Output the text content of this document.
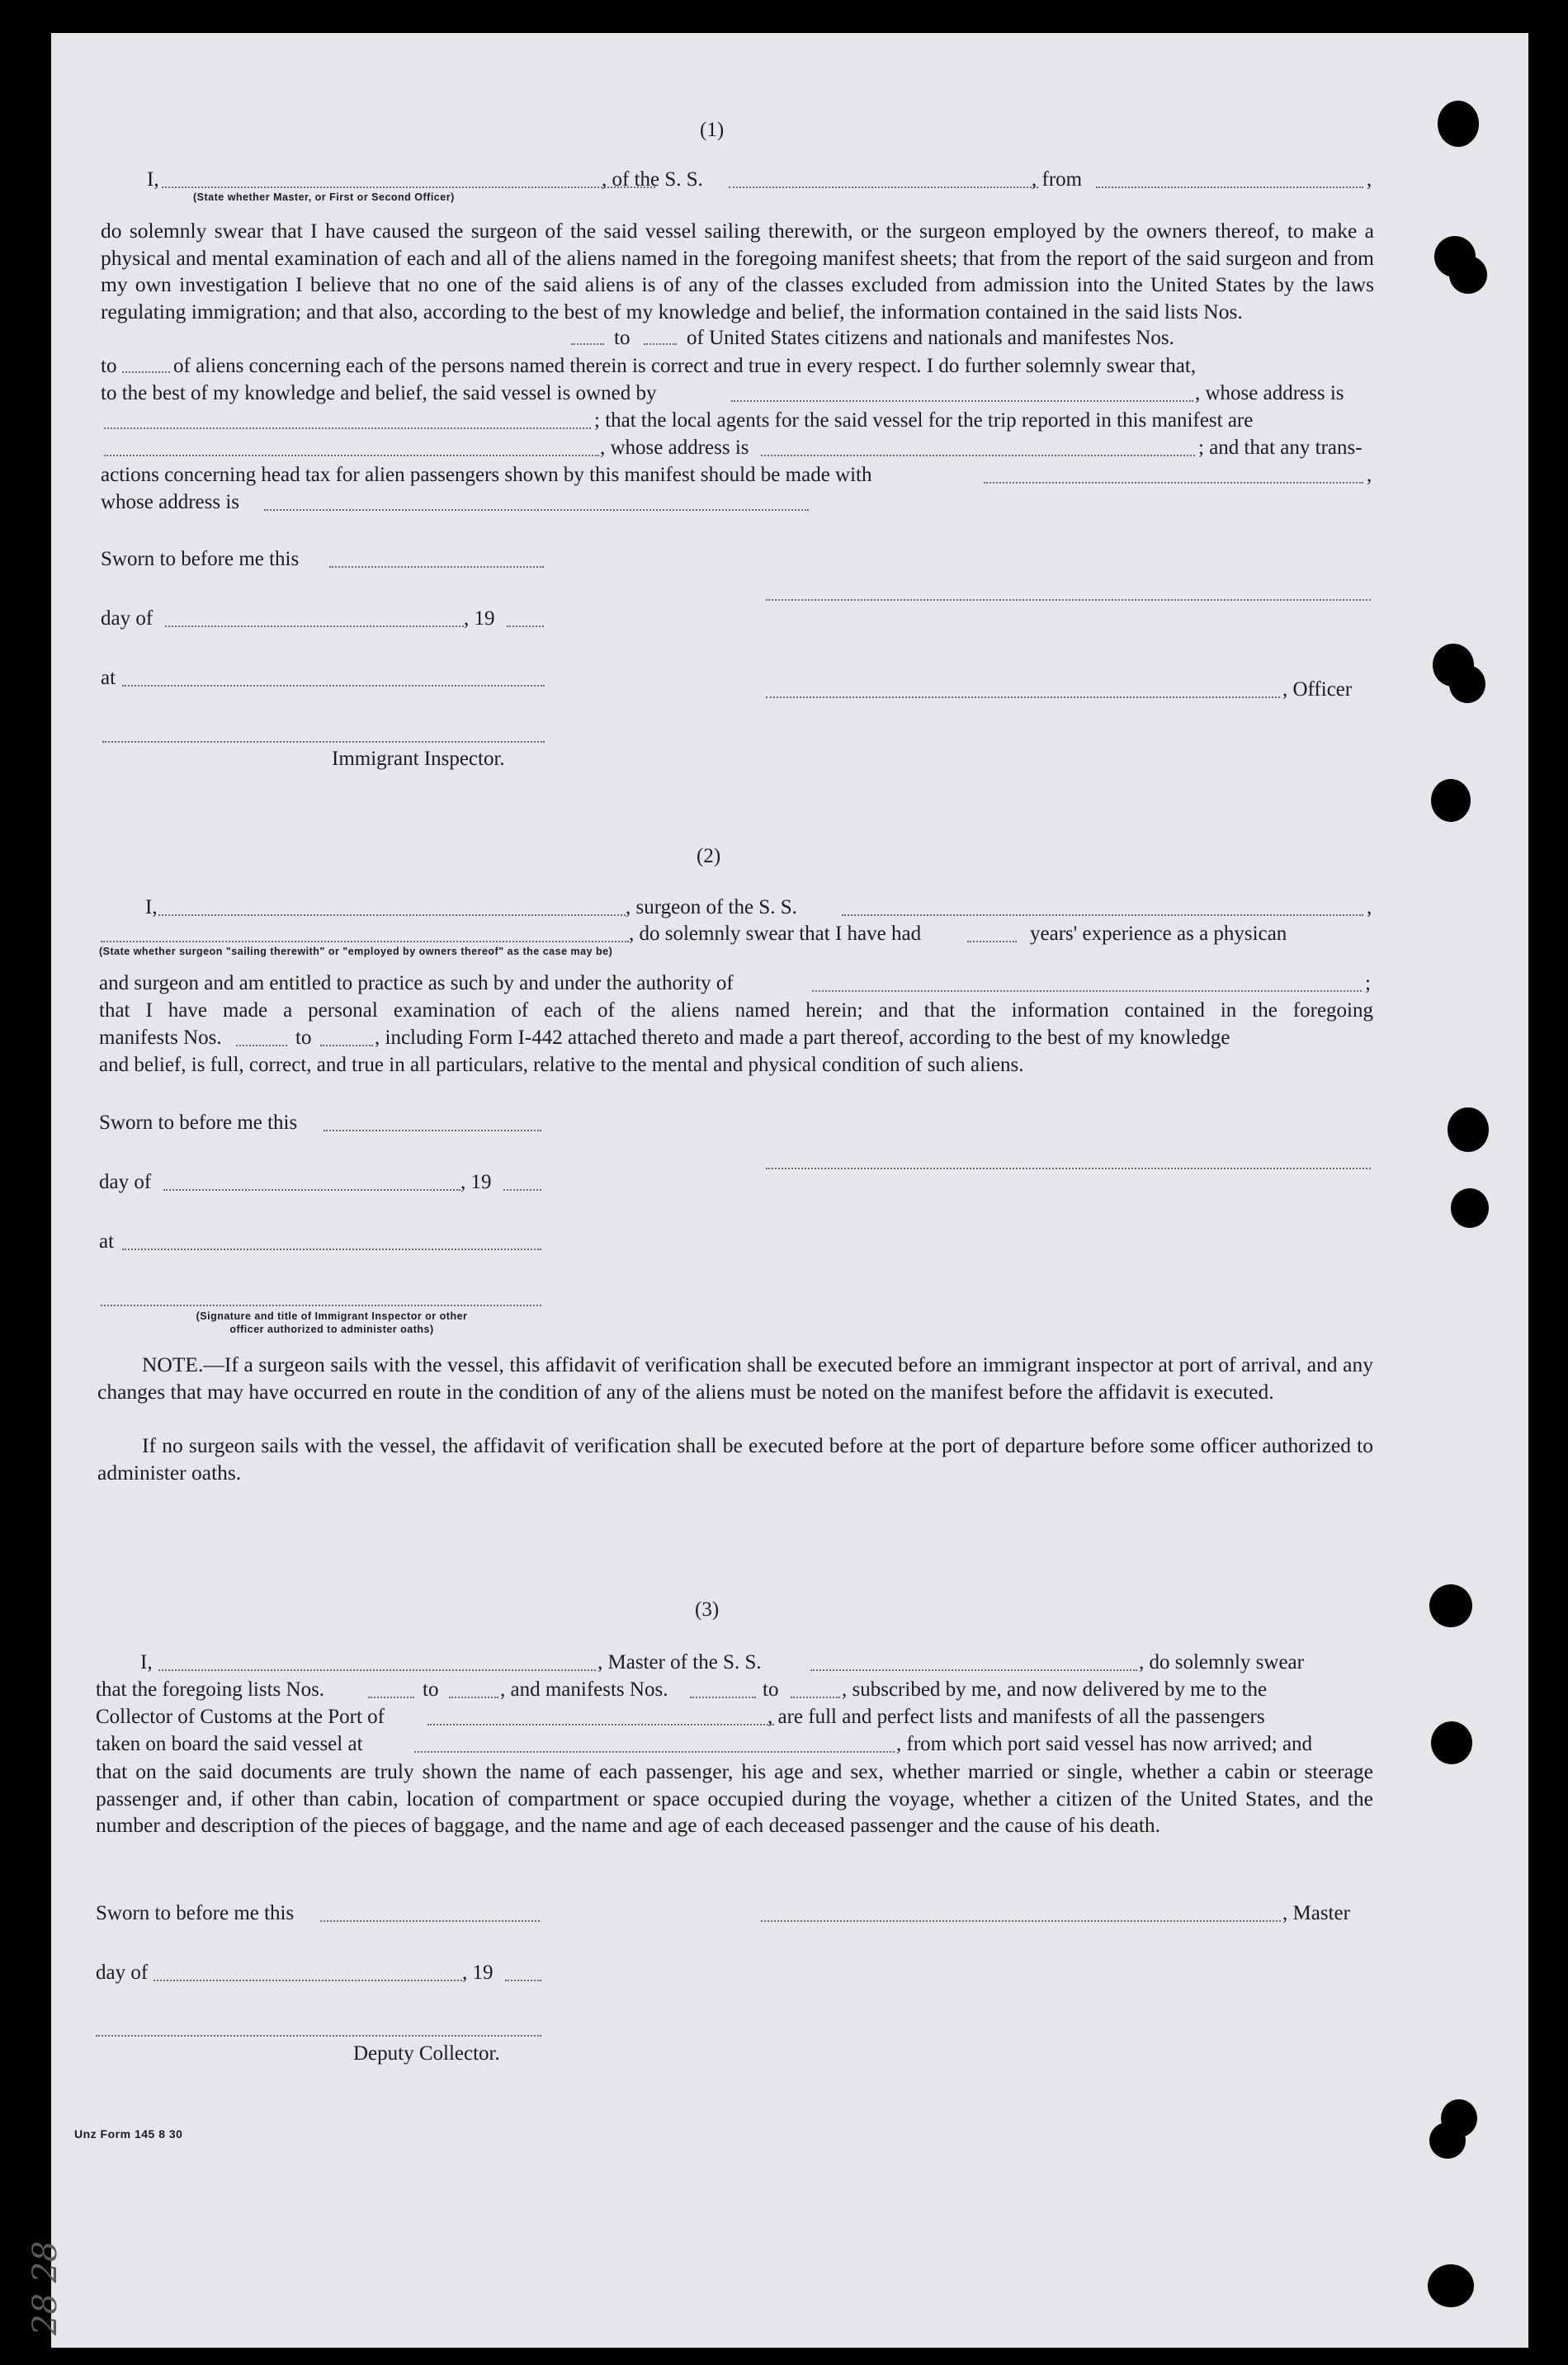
(1)
I,	, of the S. S.	, from	,
(State whether Master, or First or Second Officer)
do solemnly swear that I have caused the surgeon of the said vessel sailing therewith, or the surgeon employed by the owners thereof, to make a physical and mental examination of each and all of the aliens named in the foregoing manifest sheets; that from the report of the said surgeon and from my own investigation I believe that no one of the said aliens is of any of the classes excluded from admission into the United States by the laws regulating immigration; and that also, according to the best of my knowledge and belief, the information contained in the said lists Nos.
to	of United States citizens and nationals and manifestes Nos.
to	of aliens concerning each of the persons named therein is correct and true in every respect. I do further solemnly swear that,
to the best of my knowledge and belief, the said vessel is owned by	, whose address is
; that the local agents for the said vessel for the trip reported in this manifest are
, whose address is	; and that any trans-
actions concerning head tax for alien passengers shown by this manifest should be made with	,
whose address is
Sworn to before me this
day of	, 19
at
, Officer
Immigrant Inspector.
(2)
I,	, surgeon of the S. S.	,
, do solemnly swear that I have had	years' experience as a physican
(State whether surgeon "sailing therewith" or "employed by owners thereof" as the case may be)
and surgeon and am entitled to practice as such by and under the authority of	;
that I have made a personal examination of each of the aliens named herein; and that the information contained in the foregoing
manifests Nos.	to	, including Form I-442 attached thereto and made a part thereof, according to the best of my knowledge
and belief, is full, correct, and true in all particulars, relative to the mental and physical condition of such aliens.
Sworn to before me this
day of	, 19
at
(Signature and title of Immigrant Inspector or other
officer authorized to administer oaths)
NOTE.—If a surgeon sails with the vessel, this affidavit of verification shall be executed before an immigrant inspector at port of arrival, and any changes that may have occurred en route in the condition of any of the aliens must be noted on the manifest before the affidavit is executed.
If no surgeon sails with the vessel, the affidavit of verification shall be executed before at the port of departure before some officer authorized to administer oaths.
(3)
I,	, Master of the S. S.	, do solemnly swear
that the foregoing lists Nos.	to	, and manifests Nos.	to	, subscribed by me, and now delivered by me to the
Collector of Customs at the Port of	, are full and perfect lists and manifests of all the passengers
taken on board the said vessel at	, from which port said vessel has now arrived; and
that on the said documents are truly shown the name of each passenger, his age and sex, whether married or single, whether a cabin or steerage passenger and, if other than cabin, location of compartment or space occupied during the voyage, whether a citizen of the United States, and the number and description of the pieces of baggage, and the name and age of each deceased passenger and the cause of his death.
Sworn to before me this	, Master
day of	, 19
Deputy Collector.
Unz Form 145 8 30
28 28
